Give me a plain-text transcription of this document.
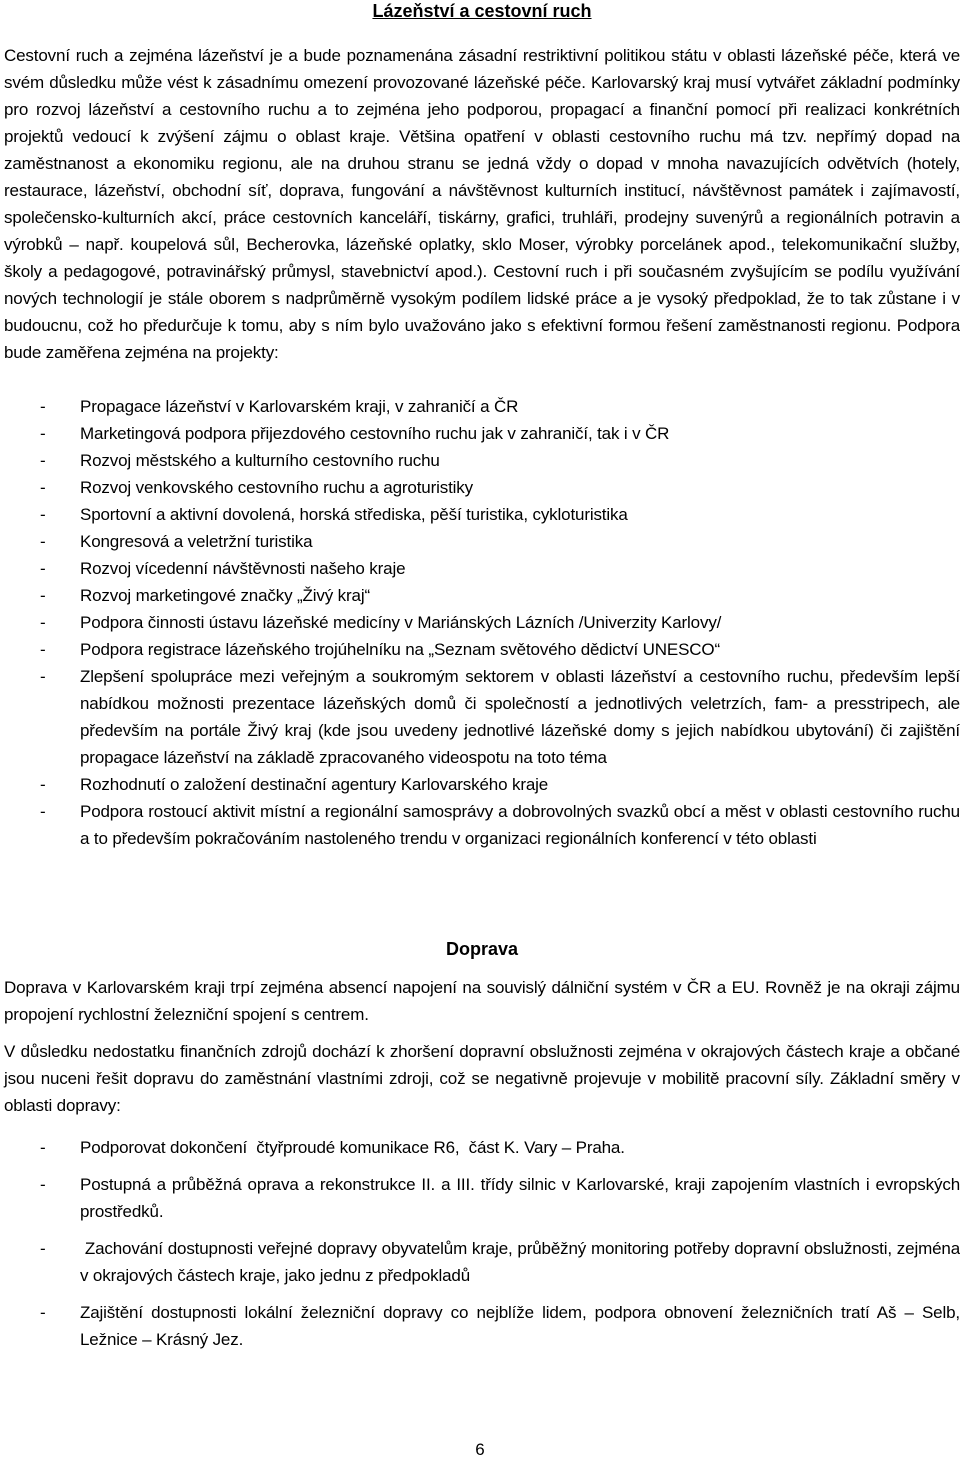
Lázeňství a cestovní ruch

Cestovní ruch a zejména lázeňství je a bude poznamenána zásadní restriktivní politikou státu v oblasti lázeňské péče, která ve svém důsledku může vést k zásadnímu omezení provozované lázeňské péče. Karlovarský kraj musí vytvářet základní podmínky pro rozvoj lázeňství a cestovního ruchu a to zejména jeho podporou, propagací a finanční pomocí při realizaci konkrétních projektů vedoucí k zvýšení zájmu o oblast kraje. Většina opatření v oblasti cestovního ruchu má tzv. nepřímý dopad na zaměstnanost a ekonomiku regionu, ale na druhou stranu se jedná vždy o dopad v mnoha navazujících odvětvích (hotely, restaurace, lázeňství, obchodní síť, doprava, fungování a návštěvnost kulturních institucí, návštěvnost památek i zajímavostí, společensko-kulturních akcí, práce cestovních kanceláří, tiskárny, grafici, truhláři, prodejny suvenýrů a regionálních potravin a výrobků – např. koupelová sůl, Becherovka, lázeňské oplatky, sklo Moser, výrobky porcelánek apod., telekomunikační služby, školy a pedagogové, potravinářský průmysl, stavebnictví apod.). Cestovní ruch i při současném zvyšujícím se podílu využívání nových technologií je stále oborem s nadprůměrně vysokým podílem lidské práce a je vysoký předpoklad, že to tak zůstane i v budoucnu, což ho předurčuje k tomu, aby s ním bylo uvažováno jako s efektivní formou řešení zaměstnanosti regionu. Podpora bude zaměřena zejména na projekty:

- Propagace lázeňství v Karlovarském kraji, v zahraničí a ČR
- Marketingová podpora přijezdového cestovního ruchu jak v zahraničí, tak i v ČR
- Rozvoj městského a kulturního cestovního ruchu
- Rozvoj venkovského cestovního ruchu a agroturistiky
- Sportovní a aktivní dovolená, horská střediska, pěší turistika, cykloturistika
- Kongresová a veletržní turistika
- Rozvoj vícedenní návštěvnosti našeho kraje
- Rozvoj marketingové značky „Živý kraj“
- Podpora činnosti ústavu lázeňské medicíny v Mariánských Lázních /Univerzity Karlovy/
- Podpora registrace lázeňského trojúhelníku na „Seznam světového dědictví UNESCO“
- Zlepšení spolupráce mezi veřejným a soukromým sektorem v oblasti lázeňství a cestovního ruchu, především lepší nabídkou možnosti prezentace lázeňských domů či společností a jednotlivých veletrzích, fam- a presstripech, ale především na portále Živý kraj (kde jsou uvedeny jednotlivé lázeňské domy s jejich nabídkou ubytování) či zajištění propagace lázeňství na základě zpracovaného videospotu na toto téma
- Rozhodnutí o založení destinační agentury Karlovarského kraje
- Podpora rostoucí aktivit místní a regionální samosprávy a dobrovolných svazků obcí a měst v oblasti cestovního ruchu a to především pokračováním nastoleného trendu v organizaci regionálních konferencí v této oblasti
Doprava

Doprava v Karlovarském kraji trpí zejména absencí napojení na souvislý dálniční systém v ČR a EU. Rovněž je na okraji zájmu propojení rychlostní železniční spojení s centrem.

V důsledku nedostatku finančních zdrojů dochází k zhoršení dopravní obslužnosti zejména v okrajových částech kraje a občané jsou nuceni řešit dopravu do zaměstnání vlastními zdroji, což se negativně projevuje v mobilitě pracovní síly. Základní směry v oblasti dopravy:

- Podporovat dokončení  čtyřproudé komunikace R6,  část K. Vary – Praha.
- Postupná a průběžná oprava a rekonstrukce II. a III. třídy silnic v Karlovarské, kraji zapojením vlastních i evropských prostředků.
- Zachování dostupnosti veřejné dopravy obyvatelům kraje, průběžný monitoring potřeby dopravní obslužnosti, zejména v okrajových částech kraje, jako jednu z předpokladů
- Zajištění dostupnosti lokální železniční dopravy co nejblíže lidem, podpora obnovení železničních tratí Aš – Selb, Ležnice – Krásný Jez.
6
